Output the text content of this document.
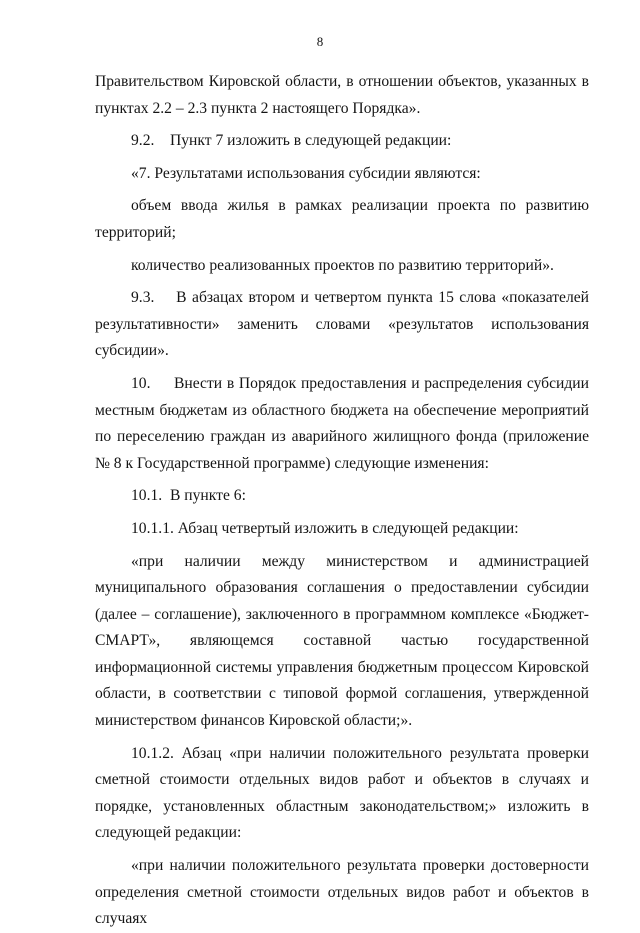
8

Правительством Кировской области, в отношении объектов, указанных в пунктах 2.2 – 2.3 пункта 2 настоящего Порядка».

9.2.    Пункт 7 изложить в следующей редакции:

«7. Результатами использования субсидии являются:

объем ввода жилья в рамках реализации проекта по развитию территорий;

количество реализованных проектов по развитию территорий».

9.3.    В абзацах втором и четвертом пункта 15 слова «показателей результативности» заменить словами «результатов использования субсидии».

10.     Внести в Порядок предоставления и распределения субсидии местным бюджетам из областного бюджета на обеспечение мероприятий по переселению граждан из аварийного жилищного фонда (приложение № 8 к Государственной программе) следующие изменения:

10.1.  В пункте 6:

10.1.1. Абзац четвертый изложить в следующей редакции:

«при наличии между министерством и администрацией муниципального образования соглашения о предоставлении субсидии (далее – соглашение), заключенного в программном комплексе «Бюджет-СМАРТ», являющемся составной частью государственной информационной системы управления бюджетным процессом Кировской области, в соответствии с типовой формой соглашения, утвержденной министерством финансов Кировской области;».

10.1.2. Абзац «при наличии положительного результата проверки сметной стоимости отдельных видов работ и объектов в случаях и порядке, установленных областным законодательством;» изложить в следующей редакции:

«при наличии положительного результата проверки достоверности определения сметной стоимости отдельных видов работ и объектов в случаях
